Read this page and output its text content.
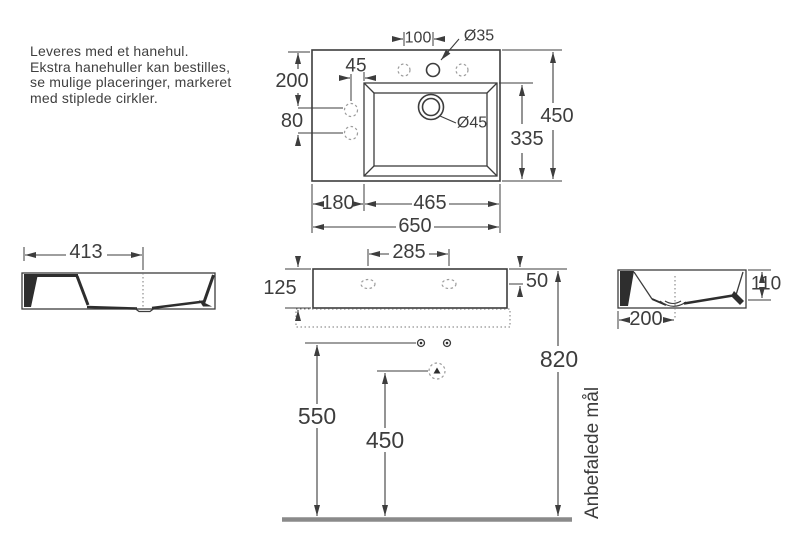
Leveres med et hanehul.
Ekstra hanehuller kan bestilles,
se mulige placeringer, markeret
med stiplede cirkler.
Ø45
100 Ø35
45
200
80	450
335
180	465
650
413	285
125	50	110
200
550
450
820
Anbefalede mål
